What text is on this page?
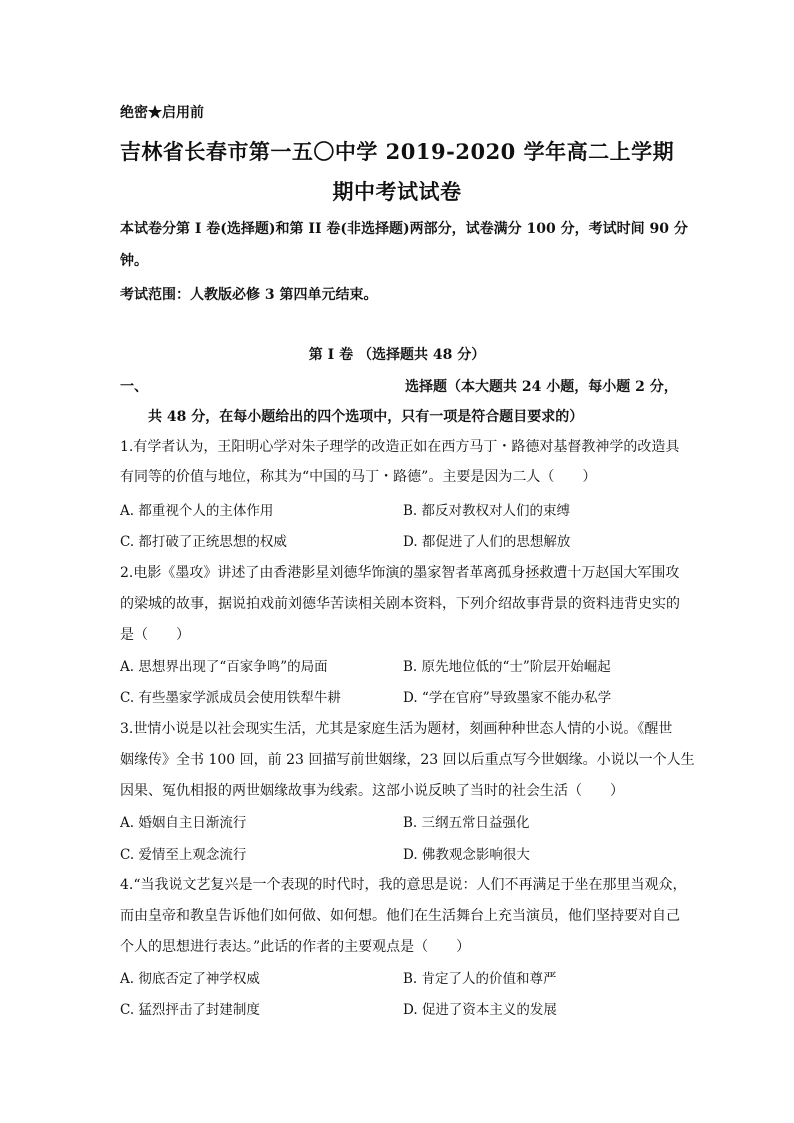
绝密★启用前
吉林省长春市第一五〇中学 2019-2020 学年高二上学期
期中考试试卷
本试卷分第 I 卷(选择题)和第 II 卷(非选择题)两部分，试卷满分 100 分，考试时间 90 分
钟。
考试范围：人教版必修 3 第四单元结束。
第 I 卷 （选择题共 48 分）
一、	选择题（本大题共 24 小题，每小题 2 分，
共 48 分，在每小题给出的四个选项中，只有一项是符合题目要求的）
1.有学者认为，王阳明心学对朱子理学的改造正如在西方马丁・路德对基督教神学的改造具
有同等的价值与地位，称其为“中国的马丁・路德”。主要是因为二人（　　）
A. 都重视个人的主体作用	B. 都反对教权对人们的束缚
C. 都打破了正统思想的权威	D. 都促进了人们的思想解放
2.电影《墨攻》讲述了由香港影星刘德华饰演的墨家智者革离孤身拯救遭十万赵国大军围攻
的梁城的故事，据说拍戏前刘德华苦读相关剧本资料，下列介绍故事背景的资料违背史实的
是（　　）
A. 思想界出现了“百家争鸣”的局面	B. 原先地位低的“士”阶层开始崛起
C. 有些墨家学派成员会使用铁犁牛耕	D. “学在官府”导致墨家不能办私学
3.世情小说是以社会现实生活，尤其是家庭生活为题材，刻画种种世态人情的小说。《醒世
姻缘传》全书 100 回，前 23 回描写前世姻缘，23 回以后重点写今世姻缘。小说以一个人生
因果、冤仇相报的两世姻缘故事为线索。这部小说反映了当时的社会生活（　　）
A. 婚姻自主日渐流行	B. 三纲五常日益强化
C. 爱情至上观念流行	D. 佛教观念影响很大
4.“当我说文艺复兴是一个表现的时代时，我的意思是说：人们不再满足于坐在那里当观众，
而由皇帝和教皇告诉他们如何做、如何想。他们在生活舞台上充当演员，他们坚持要对自己
个人的思想进行表达。”此话的作者的主要观点是（　　）
A. 彻底否定了神学权威	B. 肯定了人的价值和尊严
C. 猛烈抨击了封建制度	D. 促进了资本主义的发展
